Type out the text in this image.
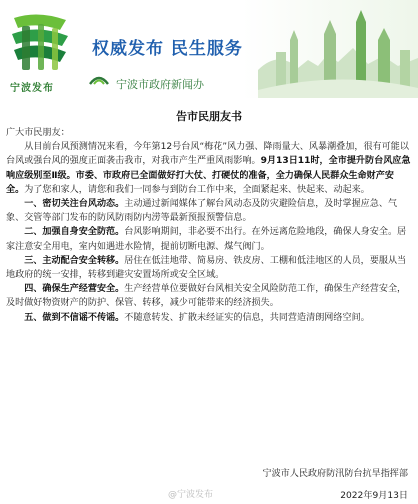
宁波发布
权威发布 民生服务
宁波市政府新闻办
告市民朋友书

广大市民朋友：

从目前台风预测情况来看，今年第12号台风“梅花”风力强、降雨量大、风暴潮叠加，很有可能以台风或强台风的强度正面袭击我市，对我市产生严重风雨影响。9月13日11时，全市提升防台风应急响应级别至Ⅱ级。市委、市政府已全面做好打大仗、打硬仗的准备，全力确保人民群众生命财产安全。为了您和家人，请您和我们一同参与到防台工作中来，全面紧起来、快起来、动起来。

一、密切关注台风动态。主动通过新闻媒体了解台风动态及防灾避险信息，及时掌握应急、气象、交管等部门发布的防风防雨防内涝等最新预报预警信息。

二、加强自身安全防范。台风影响期间，非必要不出行。在外远离危险地段，确保人身安全。居家注意安全用电，室内如遇进水险情，提前切断电源、煤气阀门。

三、主动配合安全转移。居住在低洼地带、简易房、铁皮房、工棚和低洼地区的人员，要服从当地政府的统一安排，转移到避灾安置场所或安全区域。

四、确保生产经营安全。生产经营单位要做好台风相关安全风险防范工作，确保生产经营安全，及时做好物资财产的防护、保管、转移，减少可能带来的经济损失。

五、做到不信谣不传谣。不随意转发、扩散未经证实的信息，共同营造清朗网络空间。

宁波市人民政府防汛防台抗旱指挥部
@宁波发布	2022年9月13日
